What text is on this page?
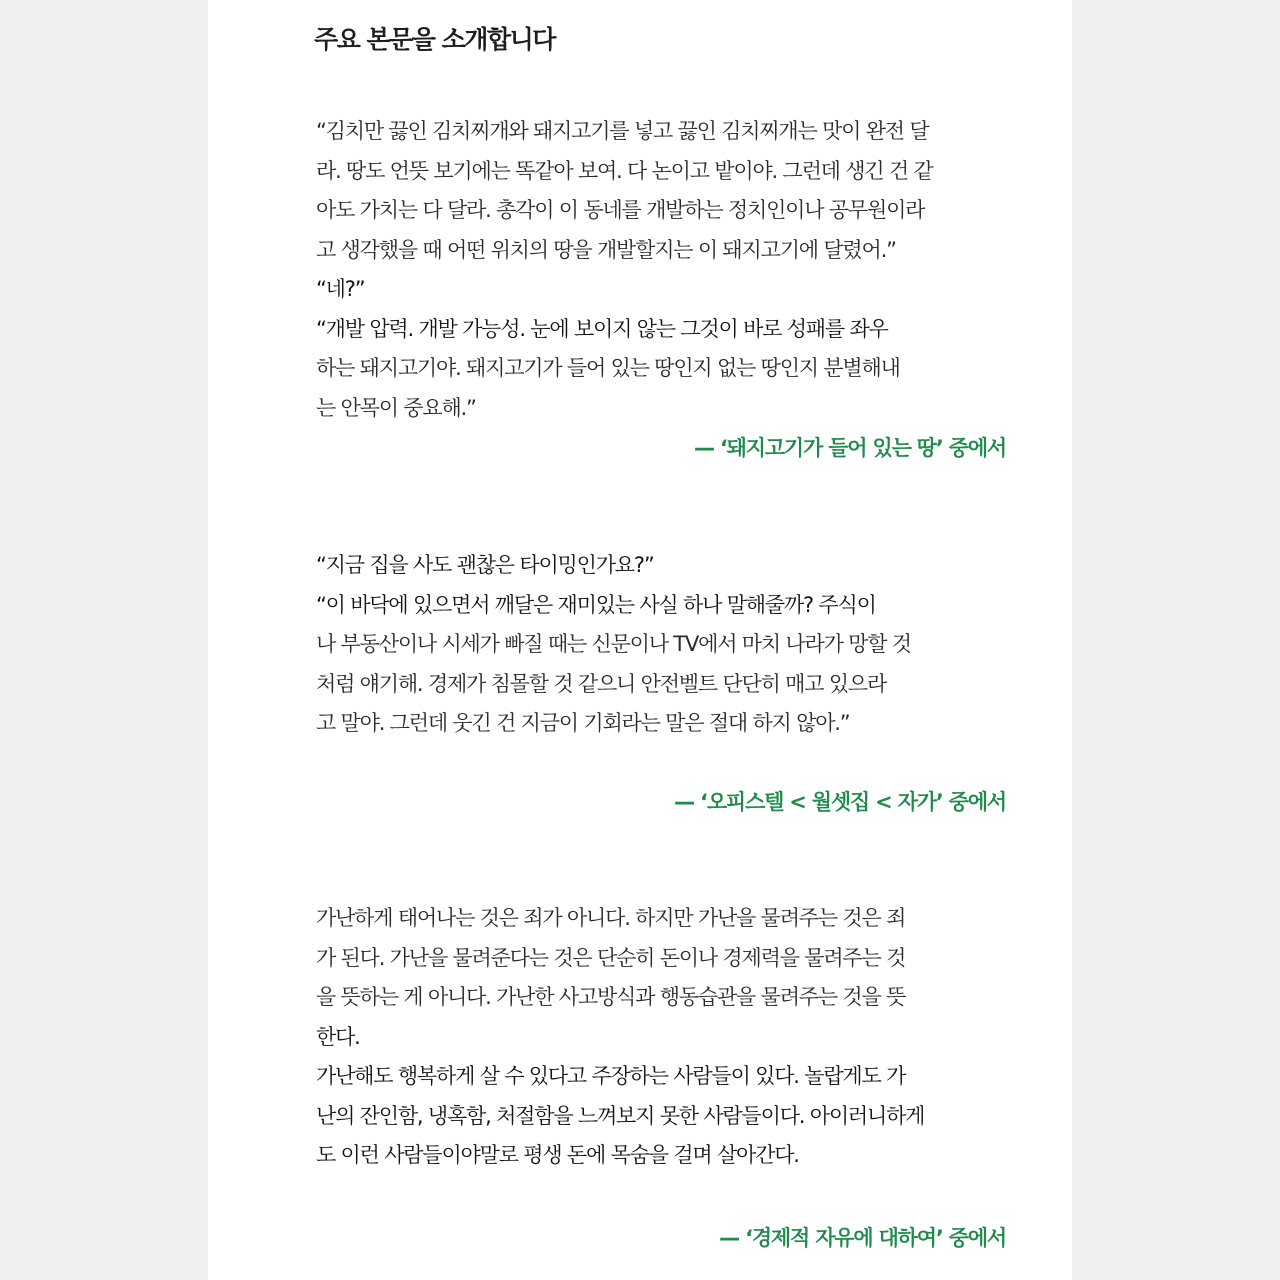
주요 본문을 소개합니다
“김치만 끓인 김치찌개와 돼지고기를 넣고 끓인 김치찌개는 맛이 완전 달
라. 땅도 언뜻 보기에는 똑같아 보여. 다 논이고 밭이야. 그런데 생긴 건 같
아도 가치는 다 달라. 총각이 이 동네를 개발하는 정치인이나 공무원이라
고 생각했을 때 어떤 위치의 땅을 개발할지는 이 돼지고기에 달렸어.”
“네?”
“개발 압력. 개발 가능성. 눈에 보이지 않는 그것이 바로 성패를 좌우
하는 돼지고기야. 돼지고기가 들어 있는 땅인지 없는 땅인지 분별해내
는 안목이 중요해.”

— ‘돼지고기가 들어 있는 땅’ 중에서

“지금 집을 사도 괜찮은 타이밍인가요?”
“이 바닥에 있으면서 깨달은 재미있는 사실 하나 말해줄까? 주식이
나 부동산이나 시세가 빠질 때는 신문이나 TV에서 마치 나라가 망할 것
처럼 얘기해. 경제가 침몰할 것 같으니 안전벨트 단단히 매고 있으라
고 말야. 그런데 웃긴 건 지금이 기회라는 말은 절대 하지 않아.”

— ‘오피스텔 < 월셋집 < 자가’ 중에서

가난하게 태어나는 것은 죄가 아니다. 하지만 가난을 물려주는 것은 죄
가 된다. 가난을 물려준다는 것은 단순히 돈이나 경제력을 물려주는 것
을 뜻하는 게 아니다. 가난한 사고방식과 행동습관을 물려주는 것을 뜻
한다.
가난해도 행복하게 살 수 있다고 주장하는 사람들이 있다. 놀랍게도 가
난의 잔인함, 냉혹함, 처절함을 느껴보지 못한 사람들이다. 아이러니하게
도 이런 사람들이야말로 평생 돈에 목숨을 걸며 살아간다.

— ‘경제적 자유에 대하여’ 중에서
